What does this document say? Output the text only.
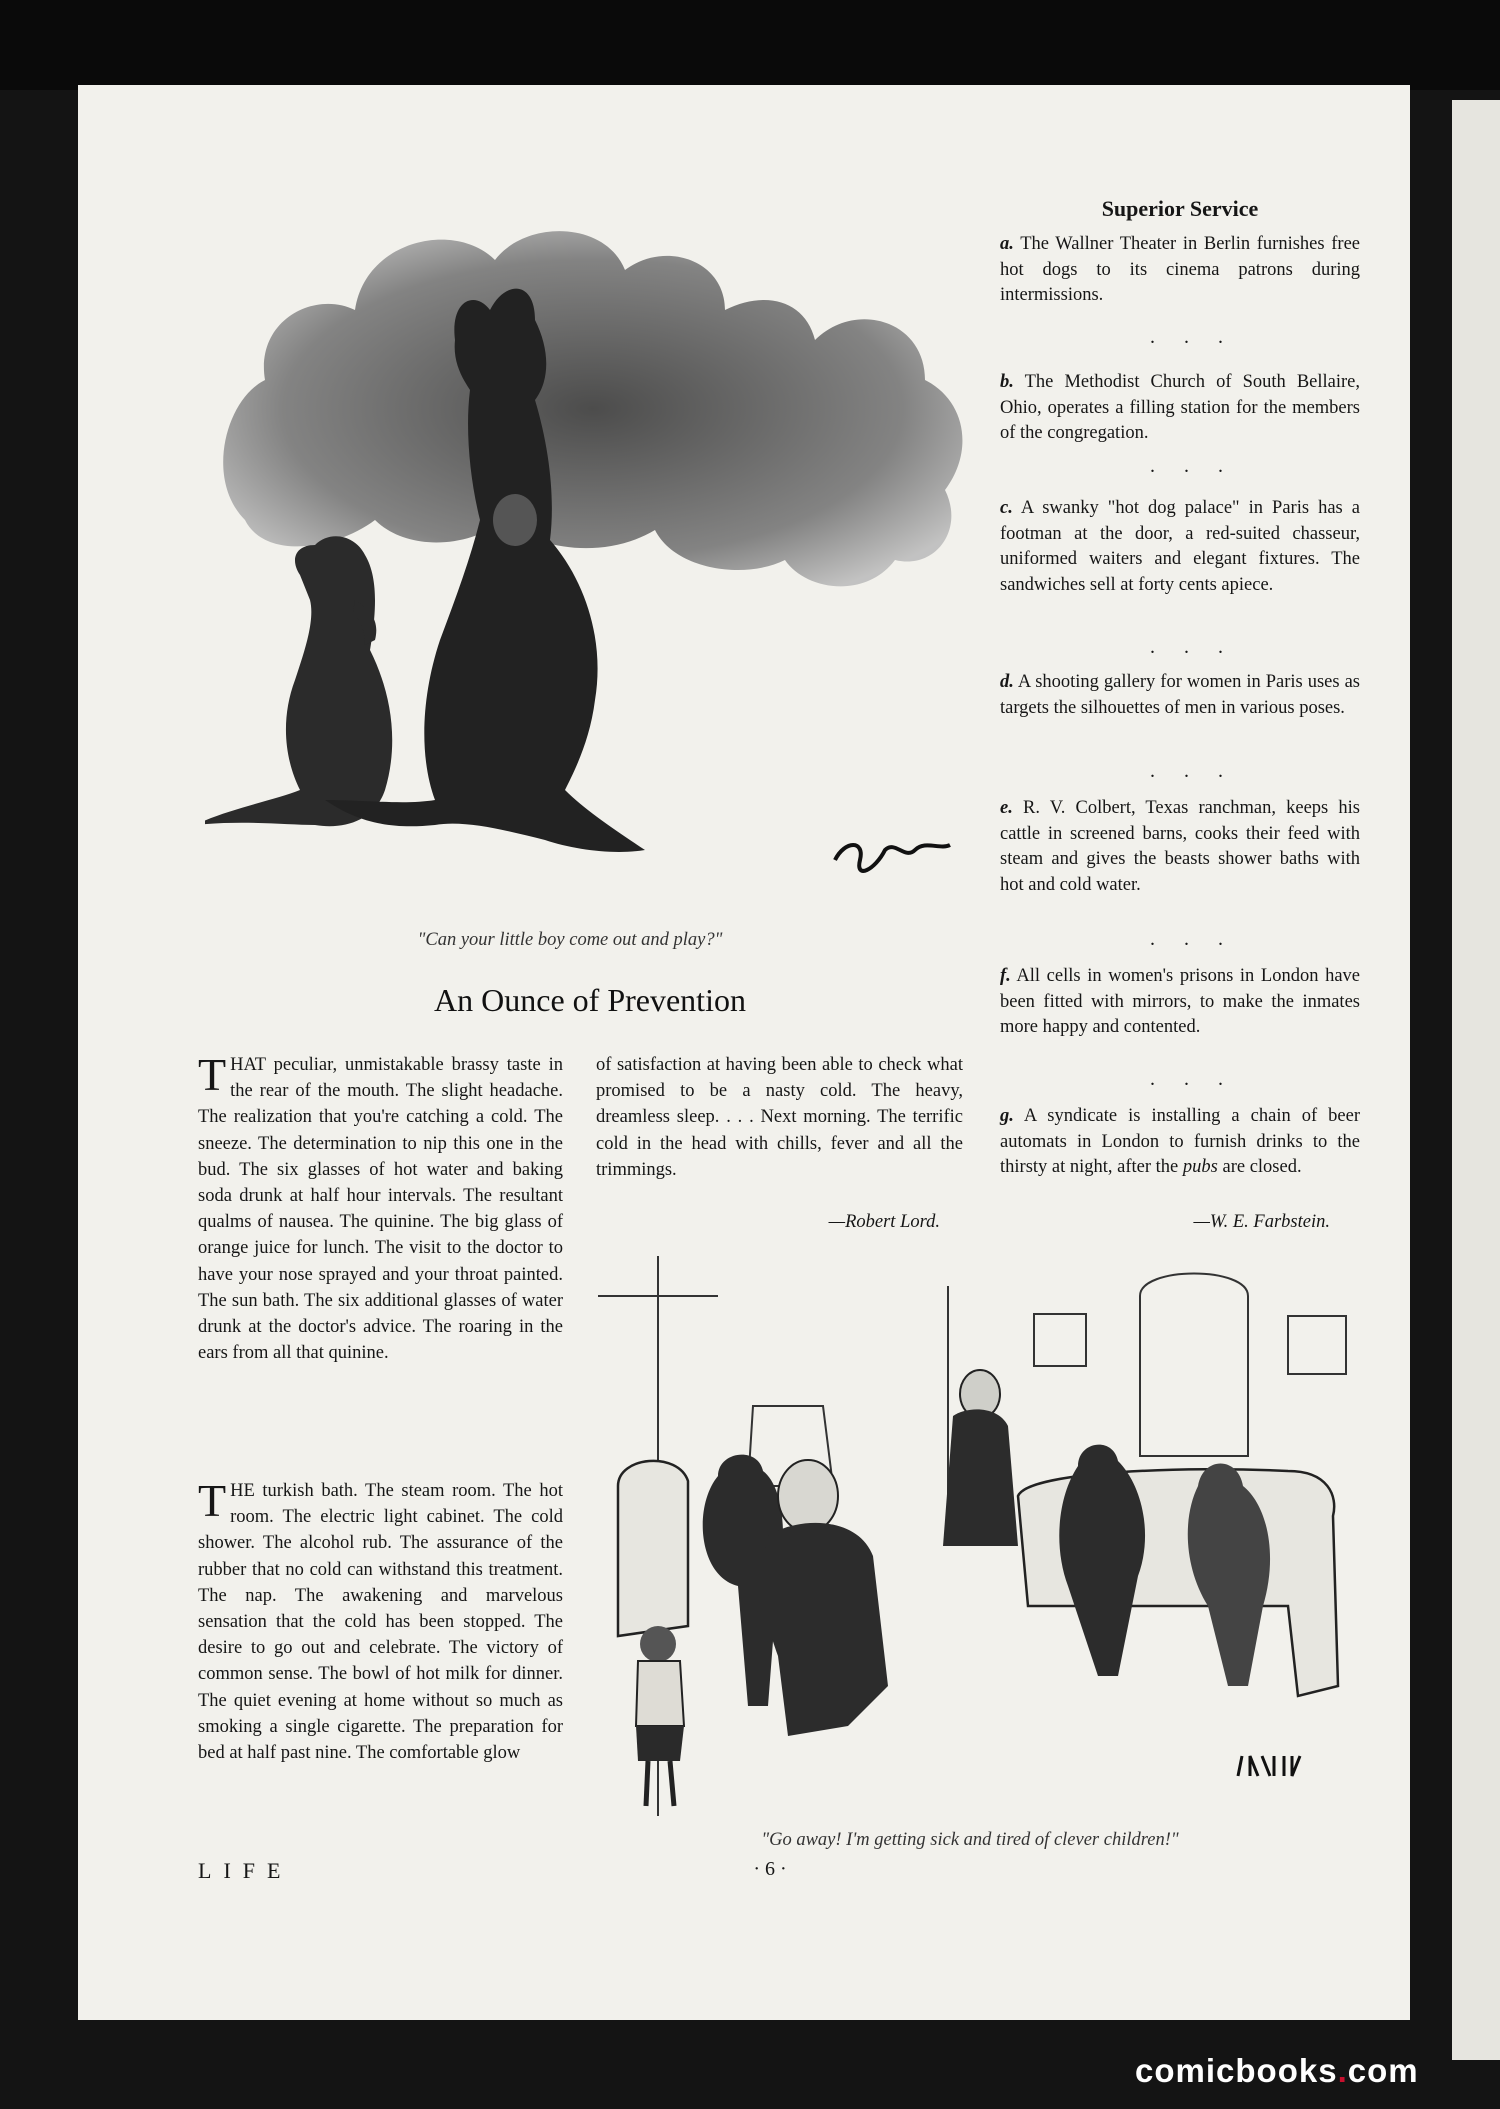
"Can your little boy come out and play?"
An Ounce of Prevention
THAT peculiar, unmistakable brassy taste in the rear of the mouth. The slight headache. The realization that you're catching a cold. The sneeze. The determination to nip this one in the bud. The six glasses of hot water and baking soda drunk at half hour intervals. The resultant qualms of nausea. The quinine. The big glass of orange juice for lunch. The visit to the doctor to have your nose sprayed and your throat painted. The sun bath. The six additional glasses of water drunk at the doctor's advice. The roaring in the ears from all that quinine.
THE turkish bath. The steam room. The hot room. The electric light cabinet. The cold shower. The alcohol rub. The assurance of the rubber that no cold can withstand this treatment. The nap. The awakening and marvelous sensation that the cold has been stopped. The desire to go out and celebrate. The victory of common sense. The bowl of hot milk for dinner. The quiet evening at home without so much as smoking a single cigarette. The preparation for bed at half past nine. The comfortable glow
of satisfaction at having been able to check what promised to be a nasty cold. The heavy, dreamless sleep. . . . Next morning. The terrific cold in the head with chills, fever and all the trimmings.
—Robert Lord.
Superior Service
a. The Wallner Theater in Berlin furnishes free hot dogs to its cinema patrons during intermissions.
. . .
b. The Methodist Church of South Bellaire, Ohio, operates a filling station for the members of the congregation.
. . .
c. A swanky "hot dog palace" in Paris has a footman at the door, a red-suited chasseur, uniformed waiters and elegant fixtures. The sandwiches sell at forty cents apiece.
. . .
d. A shooting gallery for women in Paris uses as targets the silhouettes of men in various poses.
. . .
e. R. V. Colbert, Texas ranchman, keeps his cattle in screened barns, cooks their feed with steam and gives the beasts shower baths with hot and cold water.
. . .
f. All cells in women's prisons in London have been fitted with mirrors, to make the inmates more happy and contented.
. . .
g. A syndicate is installing a chain of beer automats in London to furnish drinks to the thirsty at night, after the pubs are closed.
—W. E. Farbstein.
"Go away! I'm getting sick and tired of clever children!"
LIFE	· 6 ·
comicbooks.com
